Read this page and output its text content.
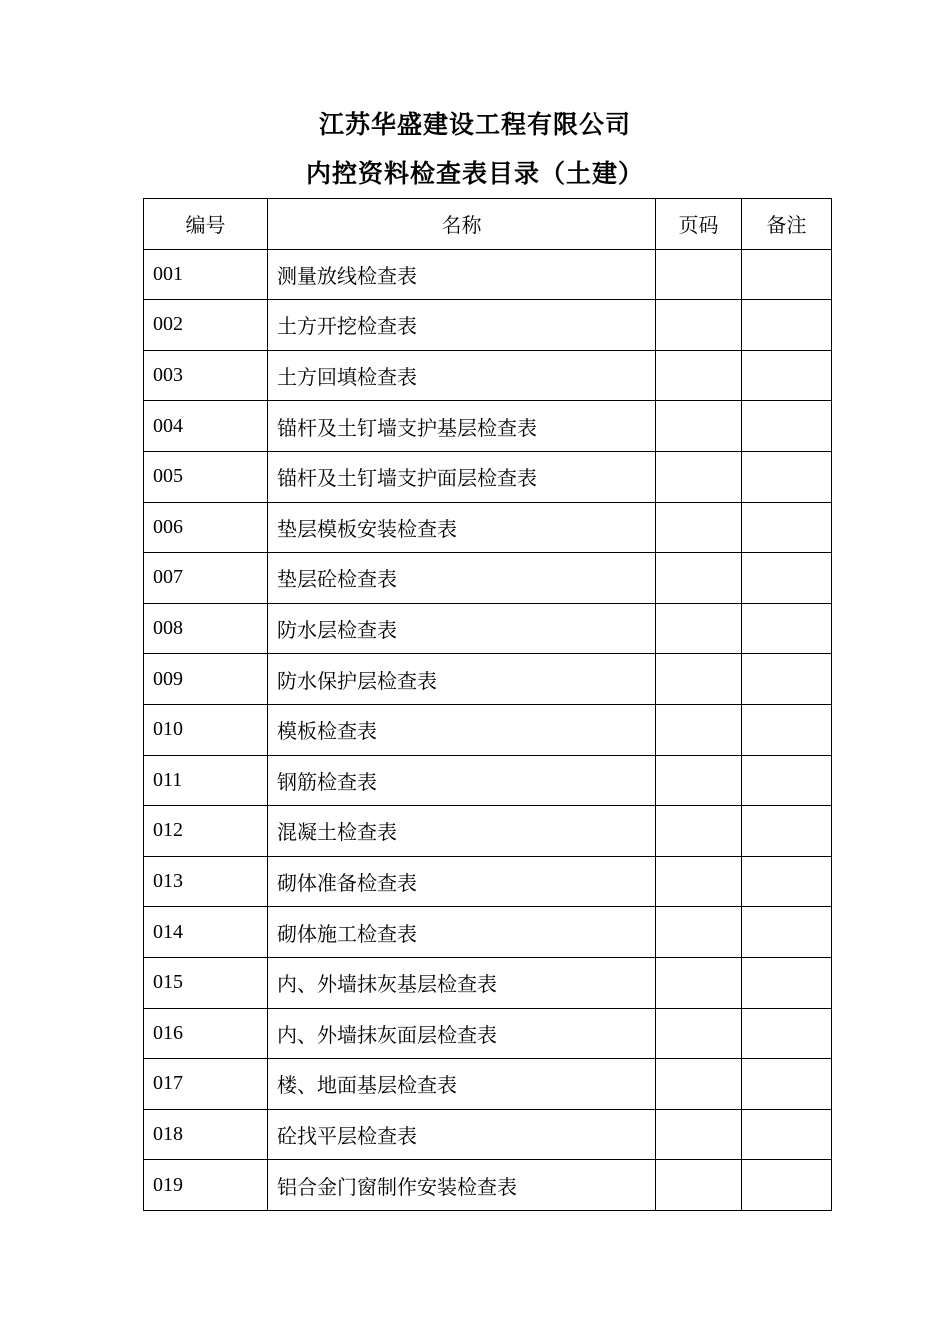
江苏华盛建设工程有限公司
内控资料检查表目录（土建）
编号	名称	页码	备注
001	测量放线检查表		
002	土方开挖检查表		
003	土方回填检查表		
004	锚杆及土钉墙支护基层检查表		
005	锚杆及土钉墙支护面层检查表		
006	垫层模板安装检查表		
007	垫层砼检查表		
008	防水层检查表		
009	防水保护层检查表		
010	模板检查表		
011	钢筋检查表		
012	混凝土检查表		
013	砌体准备检查表		
014	砌体施工检查表		
015	内、外墙抹灰基层检查表		
016	内、外墙抹灰面层检查表		
017	楼、地面基层检查表		
018	砼找平层检查表		
019	铝合金门窗制作安装检查表		
